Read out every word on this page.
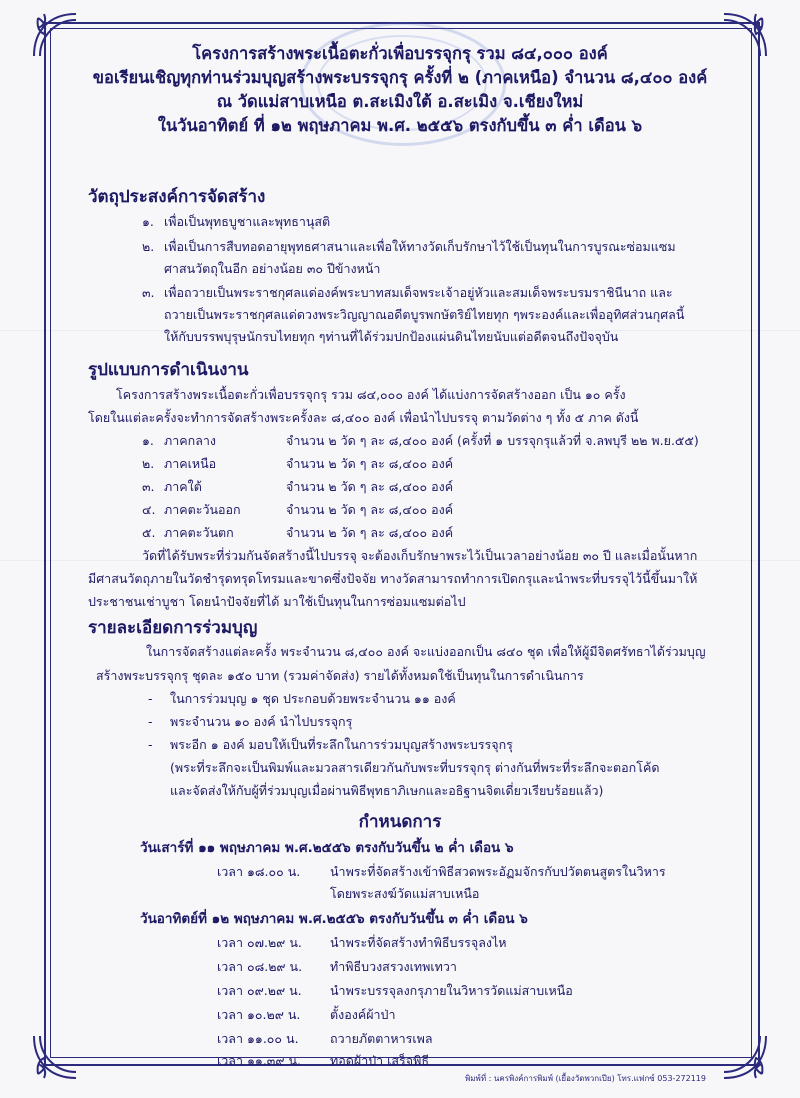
โครงการสร้างพระเนื้อตะกั่วเพื่อบรรจุกรุ รวม ๘๔,๐๐๐ องค์
ขอเรียนเชิญทุกท่านร่วมบุญสร้างพระบรรจุกรุ ครั้งที่ ๒ (ภาคเหนือ) จำนวน ๘,๔๐๐ องค์
ณ วัดแม่สาบเหนือ ต.สะเมิงใต้ อ.สะเมิง จ.เชียงใหม่
ในวันอาทิตย์ ที่ ๑๒ พฤษภาคม พ.ศ. ๒๕๕๖ ตรงกับขึ้น ๓ ค่ำ เดือน ๖
วัตถุประสงค์การจัดสร้าง
๑. เพื่อเป็นพุทธบูชาและพุทธานุสติ
๒. เพื่อเป็นการสืบทอดอายุพุทธศาสนาและเพื่อให้ทางวัดเก็บรักษาไว้ใช้เป็นทุนในการบูรณะซ่อมแซม
ศาสนวัตถุในอีก อย่างน้อย ๓๐ ปีข้างหน้า
๓. เพื่อถวายเป็นพระราชกุศลแด่องค์พระบาทสมเด็จพระเจ้าอยู่หัวและสมเด็จพระบรมราชินีนาถ และ
ถวายเป็นพระราชกุศลแด่ดวงพระวิญญาณอดีตบูรพกษัตริย์ไทยทุก ๆพระองค์และเพื่ออุทิศส่วนกุศลนี้
ให้กับบรรพบุรุษนักรบไทยทุก ๆท่านที่ได้ร่วมปกป้องแผ่นดินไทยนับแต่อดีตจนถึงปัจจุบัน
รูปแบบการดำเนินงาน
โครงการสร้างพระเนื้อตะกั่วเพื่อบรรจุกรุ รวม ๘๔,๐๐๐ องค์ ได้แบ่งการจัดสร้างออก เป็น ๑๐ ครั้ง
โดยในแต่ละครั้งจะทำการจัดสร้างพระครั้งละ ๘,๔๐๐ องค์ เพื่อนำไปบรรจุ ตามวัดต่าง ๆ ทั้ง ๕ ภาค ดังนี้
๑. ภาคกลาง	จำนวน ๒ วัด ๆ ละ ๘,๔๐๐ องค์ (ครั้งที่ ๑ บรรจุกรุแล้วที่ จ.ลพบุรี ๒๒ พ.ย.๕๕)
๒. ภาคเหนือ	จำนวน ๒ วัด ๆ ละ ๘,๔๐๐ องค์
๓. ภาคใต้	จำนวน ๒ วัด ๆ ละ ๘,๔๐๐ องค์
๔. ภาคตะวันออก	จำนวน ๒ วัด ๆ ละ ๘,๔๐๐ องค์
๕. ภาคตะวันตก	จำนวน ๒ วัด ๆ ละ ๘,๔๐๐ องค์
วัดที่ได้รับพระที่ร่วมกันจัดสร้างนี้ไปบรรจุ จะต้องเก็บรักษาพระไว้เป็นเวลาอย่างน้อย ๓๐ ปี และเมื่อนั้นหาก
มีศาสนวัตถุภายในวัดชำรุดทรุดโทรมและขาดซึ่งปัจจัย ทางวัดสามารถทำการเปิดกรุและนำพระที่บรรจุไว้นี้ขึ้นมาให้
ประชาชนเช่าบูชา โดยนำปัจจัยที่ได้ มาใช้เป็นทุนในการซ่อมแซมต่อไป
รายละเอียดการร่วมบุญ
ในการจัดสร้างแต่ละครั้ง พระจำนวน ๘,๔๐๐ องค์ จะแบ่งออกเป็น ๘๔๐ ชุด เพื่อให้ผู้มีจิตศรัทธาได้ร่วมบุญ
สร้างพระบรรจุกรุ ชุดละ ๑๕๐ บาท (รวมค่าจัดส่ง) รายได้ทั้งหมดใช้เป็นทุนในการดำเนินการ
- ในการร่วมบุญ ๑ ชุด ประกอบด้วยพระจำนวน ๑๑ องค์
- พระจำนวน ๑๐ องค์ นำไปบรรจุกรุ
- พระอีก ๑ องค์ มอบให้เป็นที่ระลึกในการร่วมบุญสร้างพระบรรจุกรุ
(พระที่ระลึกจะเป็นพิมพ์และมวลสารเดียวกันกับพระที่บรรจุกรุ ต่างกันที่พระที่ระลึกจะตอกโค้ด
และจัดส่งให้กับผู้ที่ร่วมบุญเมื่อผ่านพิธีพุทธาภิเษกและอธิฐานจิตเดี่ยวเรียบร้อยแล้ว)
กำหนดการ
วันเสาร์ที่ ๑๑ พฤษภาคม พ.ศ.๒๕๕๖ ตรงกับวันขึ้น ๒ ค่ำ เดือน ๖
เวลา ๑๘.๐๐ น. นำพระที่จัดสร้างเข้าพิธีสวดพระอัฏมจักรกับปวัตตนสูตรในวิหาร
โดยพระสงฆ์วัดแม่สาบเหนือ
วันอาทิตย์ที่ ๑๒ พฤษภาคม พ.ศ.๒๕๕๖ ตรงกับวันขึ้น ๓ ค่ำ เดือน ๖
เวลา ๐๗.๒๙ น. นำพระที่จัดสร้างทำพิธีบรรจุลงไห
เวลา ๐๘.๒๙ น. ทำพิธีบวงสรวงเทพเทวา
เวลา ๐๙.๒๙ น. นำพระบรรจุลงกรุภายในวิหารวัดแม่สาบเหนือ
เวลา ๑๐.๒๙ น. ตั้งองค์ผ้าป่า
เวลา ๑๑.๐๐ น.	ถวายภัตตาหารเพล
เวลา ๑๑.๓๙ น. ทอดผ้าป่า เสร็จพิธี
พิมพ์ที่ : นครพิงค์การพิมพ์ (เยื้องวัดพวกเปีย) โทร.แฟกซ์ 053-272119
